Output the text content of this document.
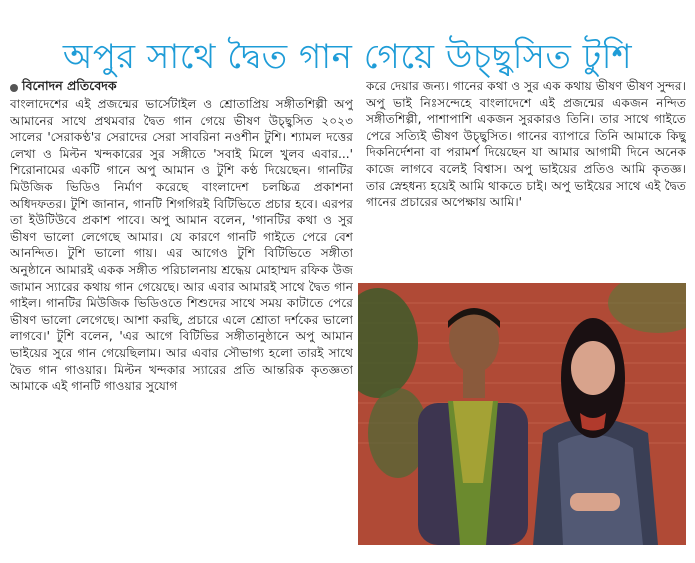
অপুর সাথে দ্বৈত গান গেয়ে উচ্ছ্বসিত টুশি
বিনোদন প্রতিবেদক

বাংলাদেশের এই প্রজন্মের ভার্সেটাইল ও শ্রোতাপ্রিয় সঙ্গীতশিল্পী অপু আমানের সাথে প্রথমবার দ্বৈত গান গেয়ে ভীষণ উচ্ছ্বসিত ২০২৩ সালের 'সেরাকণ্ঠ'র সেরাদের সেরা সাবরিনা নওশীন টুশি। শ্যামল দত্তের লেখা ও মিল্টন খন্দকারের সুর সঙ্গীতে 'সবাই মিলে খুলব এবার...' শিরোনামের একটি গানে অপু আমান ও টুশি কণ্ঠ দিয়েছেন। গানটির মিউজিক ভিডিও নির্মাণ করেছে বাংলাদেশ চলচ্চিত্র প্রকাশনা অধিদফতর। টুশি জানান, গানটি শিগগিরই বিটিভিতে প্রচার হবে। এরপর তা ইউটিউবে প্রকাশ পাবে। অপু আমান বলেন, 'গানটির কথা ও সুর ভীষণ ভালো লেগেছে আমার। যে কারণে গানটি গাইতে পেরে বেশ আনন্দিত। টুশি ভালো গায়। এর আগেও টুশি বিটিভিতে সঙ্গীতা অনুষ্ঠানে আমারই একক সঙ্গীত পরিচালনায় শ্রদ্ধেয় মোহাম্মদ রফিক উজ জামান স্যারের কথায় গান গেয়েছে। আর এবার আমারই সাথে দ্বৈত গান গাইল। গানটির মিউজিক ভিডিওতে শিশুদের সাথে সময় কাটাতে পেরে ভীষণ ভালো লেগেছে। আশা করছি, প্রচারে এলে শ্রোতা দর্শকের ভালো লাগবে।' টুশি বলেন, 'এর আগে বিটিভির সঙ্গীতানুষ্ঠানে অপু আমান ভাইয়ের সুরে গান গেয়েছিলাম। আর এবার সৌভাগ্য হলো তারই সাথে দ্বৈত গান গাওয়ার। মিল্টন খন্দকার স্যারের প্রতি আন্তরিক কৃতজ্ঞতা আমাকে এই গানটি গাওয়ার সুযোগ

করে দেয়ার জন্য। গানের কথা ও সুর এক কথায় ভীষণ ভীষণ সুন্দর। অপু ভাই নিঃসন্দেহে বাংলাদেশে এই প্রজন্মের একজন নন্দিত সঙ্গীতশিল্পী, পাশাপাশি একজন সুরকারও তিনি। তার সাথে গাইতে পেরে সত্যিই ভীষণ উচ্ছ্বসিত। গানের ব্যাপারে তিনি আমাকে কিছু দিকনির্দেশনা বা পরামর্শ দিয়েছেন যা আমার আগামী দিনে অনেক কাজে লাগবে বলেই বিশ্বাস। অপু ভাইয়ের প্রতিও আমি কৃতজ্ঞ। তার স্নেহধন্য হয়েই আমি থাকতে চাই। অপু ভাইয়ের সাথে এই দ্বৈত গানের প্রচারের অপেক্ষায় আমি।'
